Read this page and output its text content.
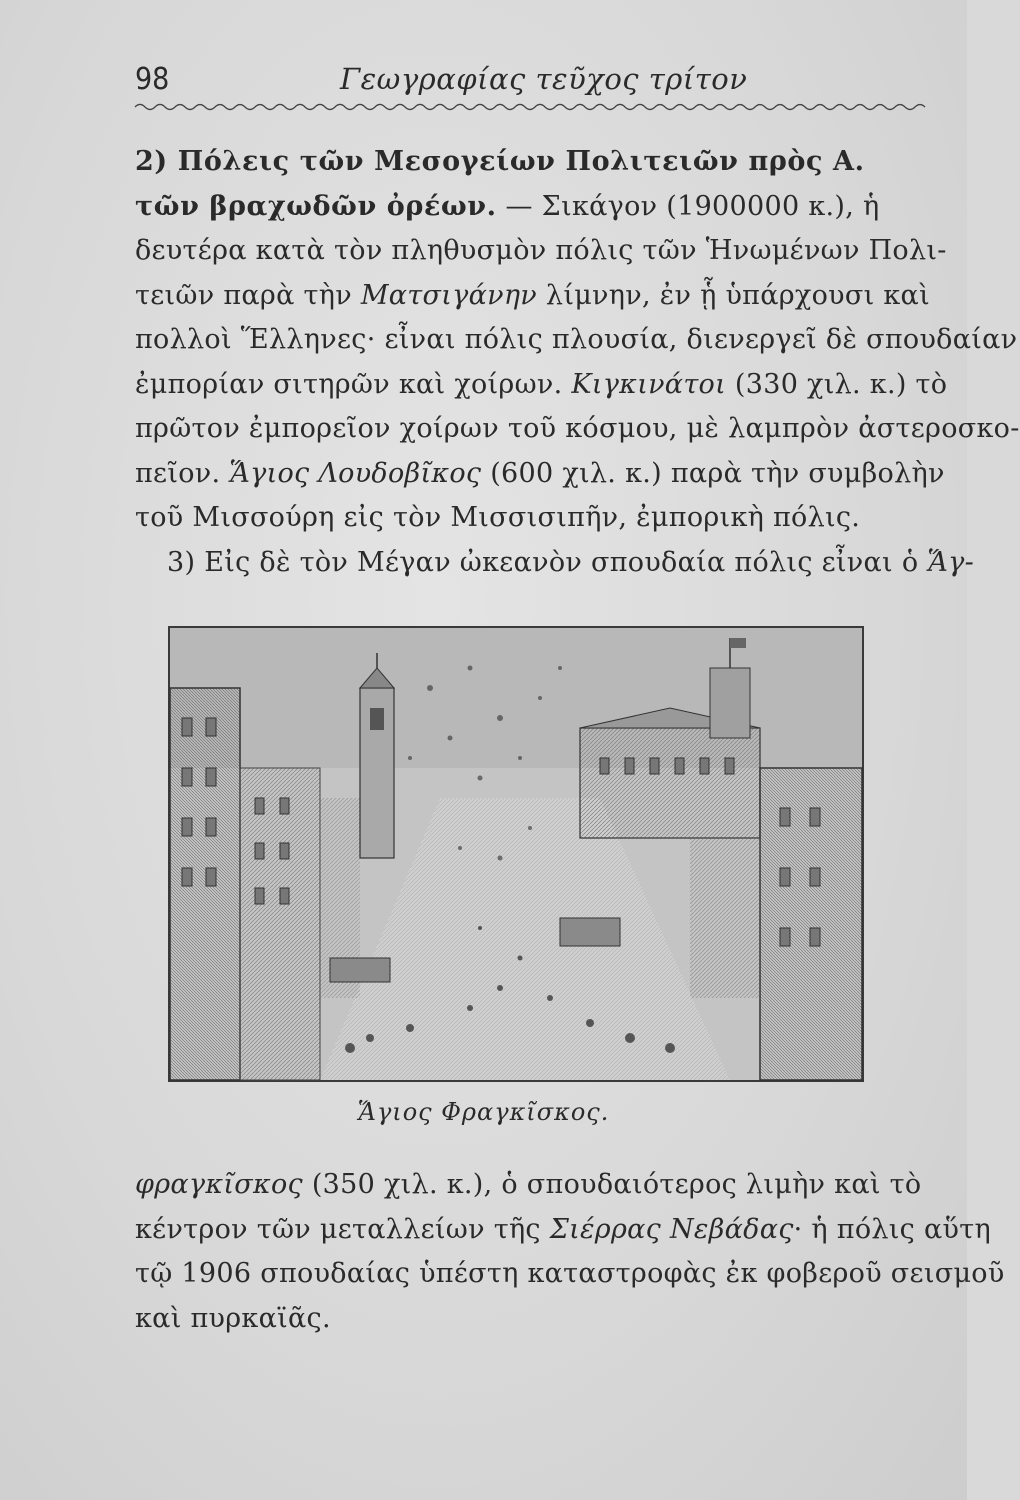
98	Γεωγραφίας τεῦχος τρίτον
2) Πόλεις τῶν Μεσογείων Πολιτειῶν πρὸς Α.
τῶν βραχωδῶν ὀρέων. — Σικάγον (1900000 κ.), ἡ
δευτέρα κατὰ τὸν πληθυσμὸν πόλις τῶν Ἡνωμένων Πολι-
τειῶν παρὰ τὴν Ματσιγάνην λίμνην, ἐν ᾗ ὑπάρχουσι καὶ
πολλοὶ Ἕλληνες· εἶναι πόλις πλουσία, διενεργεῖ δὲ σπουδαίαν
ἐμπορίαν σιτηρῶν καὶ χοίρων. Κιγκινάτοι (330 χιλ. κ.) τὸ
πρῶτον ἐμπορεῖον χοίρων τοῦ κόσμου, μὲ λαμπρὸν ἀστεροσκο-
πεῖον. Ἅγιος Λουδοβῖκος (600 χιλ. κ.) παρὰ τὴν συμβολὴν
τοῦ Μισσούρη εἰς τὸν Μισσισιπῆν, ἐμπορικὴ πόλις.
3) Εἰς δὲ τὸν Μέγαν ὠκεανὸν σπουδαία πόλις εἶναι ὁ Ἅγ-
Ἅγιος Φραγκῖσκος.
φραγκῖσκος (350 χιλ. κ.), ὁ σπουδαιότερος λιμὴν καὶ τὸ
κέντρον τῶν μεταλλείων τῆς Σιέρρας Νεβάδας· ἡ πόλις αὕτη
τῷ 1906 σπουδαίας ὑπέστη καταστροφὰς ἐκ φοβεροῦ σεισμοῦ
καὶ πυρκαϊᾶς.
